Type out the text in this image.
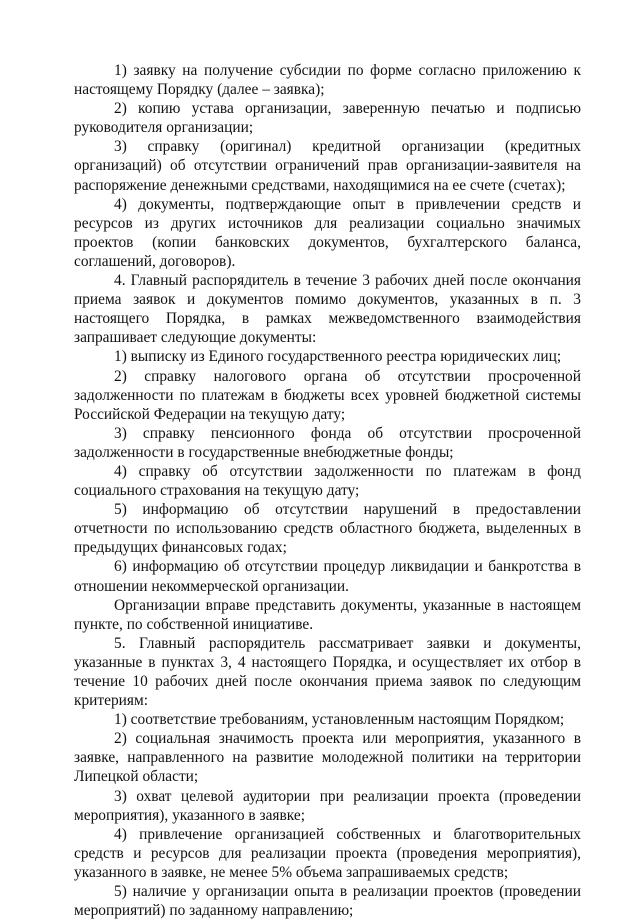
1) заявку на получение субсидии по форме согласно приложению к настоящему Порядку (далее – заявка);

2) копию устава организации, заверенную печатью и подписью руководителя организации;

3) справку (оригинал) кредитной организации (кредитных организаций) об отсутствии ограничений прав организации-заявителя на распоряжение денежными средствами, находящимися на ее счете (счетах);

4) документы, подтверждающие опыт в привлечении средств и ресурсов из других источников для реализации социально значимых проектов (копии банковских документов, бухгалтерского баланса, соглашений, договоров).

4. Главный распорядитель в течение 3 рабочих дней после окончания приема заявок и документов помимо документов, указанных в п. 3 настоящего Порядка, в рамках межведомственного взаимодействия запрашивает следующие документы:

1) выписку из Единого государственного реестра юридических лиц;

2) справку налогового органа об отсутствии просроченной задолженности по платежам в бюджеты всех уровней бюджетной системы Российской Федерации на текущую дату;

3) справку пенсионного фонда об отсутствии просроченной задолженности в государственные внебюджетные фонды;

4) справку об отсутствии задолженности по платежам в фонд социального страхования на текущую дату;

5) информацию об отсутствии нарушений в предоставлении отчетности по использованию средств областного бюджета, выделенных в предыдущих финансовых годах;

6) информацию об отсутствии процедур ликвидации и банкротства в отношении некоммерческой организации.

Организации вправе представить документы, указанные в настоящем пункте, по собственной инициативе.

5. Главный распорядитель рассматривает заявки и документы, указанные в пунктах 3, 4 настоящего Порядка, и осуществляет их отбор в течение 10 рабочих дней после окончания приема заявок по следующим критериям:

1) соответствие требованиям, установленным настоящим Порядком;

2) социальная значимость проекта или мероприятия, указанного в заявке, направленного на развитие молодежной политики на территории Липецкой области;

3) охват целевой аудитории при реализации проекта (проведении мероприятия), указанного в заявке;

4) привлечение организацией собственных и благотворительных средств и ресурсов для реализации проекта (проведения мероприятия), указанного в заявке, не менее 5% объема запрашиваемых средств;

5) наличие у организации опыта в реализации проектов (проведении мероприятий) по заданному направлению;
